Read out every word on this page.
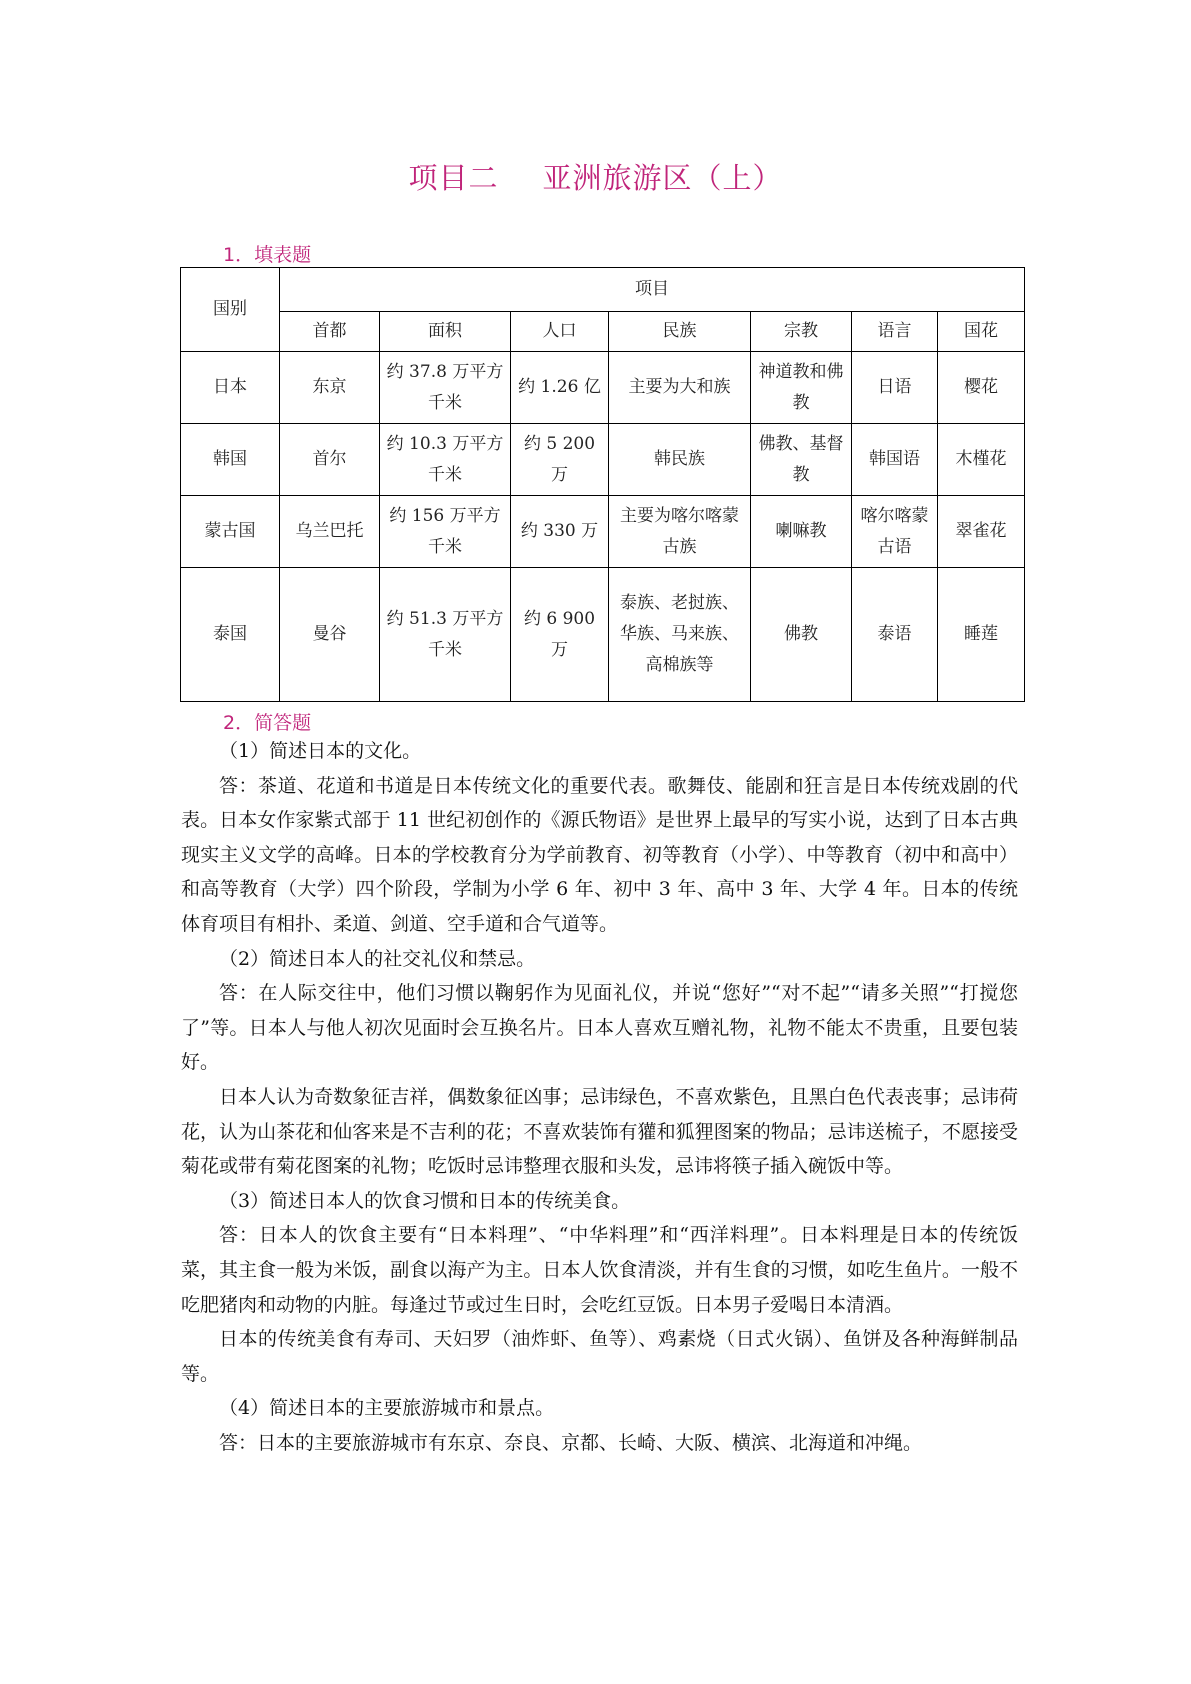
项目二 亚洲旅游区（上）
1．填表题
国别	项目						
	首都	面积	人口	民族	宗教	语言	国花
日本	东京	约 37.8 万平方千米	约 1.26 亿	主要为大和族	神道教和佛教	日语	樱花
韩国	首尔	约 10.3 万平方千米	约 5 200 万	韩民族	佛教、基督教	韩国语	木槿花
蒙古国	乌兰巴托	约 156 万平方千米	约 330 万	主要为喀尔喀蒙古族	喇嘛教	喀尔喀蒙古语	翠雀花
泰国	曼谷	约 51.3 万平方千米	约 6 900 万	泰族、老挝族、华族、马来族、高棉族等	佛教	泰语	睡莲
2．简答题

（1）简述日本的文化。

答：茶道、花道和书道是日本传统文化的重要代表。歌舞伎、能剧和狂言是日本传统戏剧的代表。日本女作家紫式部于 11 世纪初创作的《源氏物语》是世界上最早的写实小说，达到了日本古典现实主义文学的高峰。日本的学校教育分为学前教育、初等教育（小学）、中等教育（初中和高中）和高等教育（大学）四个阶段，学制为小学 6 年、初中 3 年、高中 3 年、大学 4 年。日本的传统体育项目有相扑、柔道、剑道、空手道和合气道等。

（2）简述日本人的社交礼仪和禁忌。

答：在人际交往中，他们习惯以鞠躬作为见面礼仪，并说“您好”“对不起”“请多关照”“打搅您了”等。日本人与他人初次见面时会互换名片。日本人喜欢互赠礼物，礼物不能太不贵重，且要包装好。

日本人认为奇数象征吉祥，偶数象征凶事；忌讳绿色，不喜欢紫色，且黑白色代表丧事；忌讳荷花，认为山茶花和仙客来是不吉利的花；不喜欢装饰有獾和狐狸图案的物品；忌讳送梳子，不愿接受菊花或带有菊花图案的礼物；吃饭时忌讳整理衣服和头发，忌讳将筷子插入碗饭中等。

（3）简述日本人的饮食习惯和日本的传统美食。

答：日本人的饮食主要有“日本料理”、“中华料理”和“西洋料理”。日本料理是日本的传统饭菜，其主食一般为米饭，副食以海产为主。日本人饮食清淡，并有生食的习惯，如吃生鱼片。一般不吃肥猪肉和动物的内脏。每逢过节或过生日时，会吃红豆饭。日本男子爱喝日本清酒。

日本的传统美食有寿司、天妇罗（油炸虾、鱼等）、鸡素烧（日式火锅）、鱼饼及各种海鲜制品等。

（4）简述日本的主要旅游城市和景点。

答：日本的主要旅游城市有东京、奈良、京都、长崎、大阪、横滨、北海道和冲绳。
